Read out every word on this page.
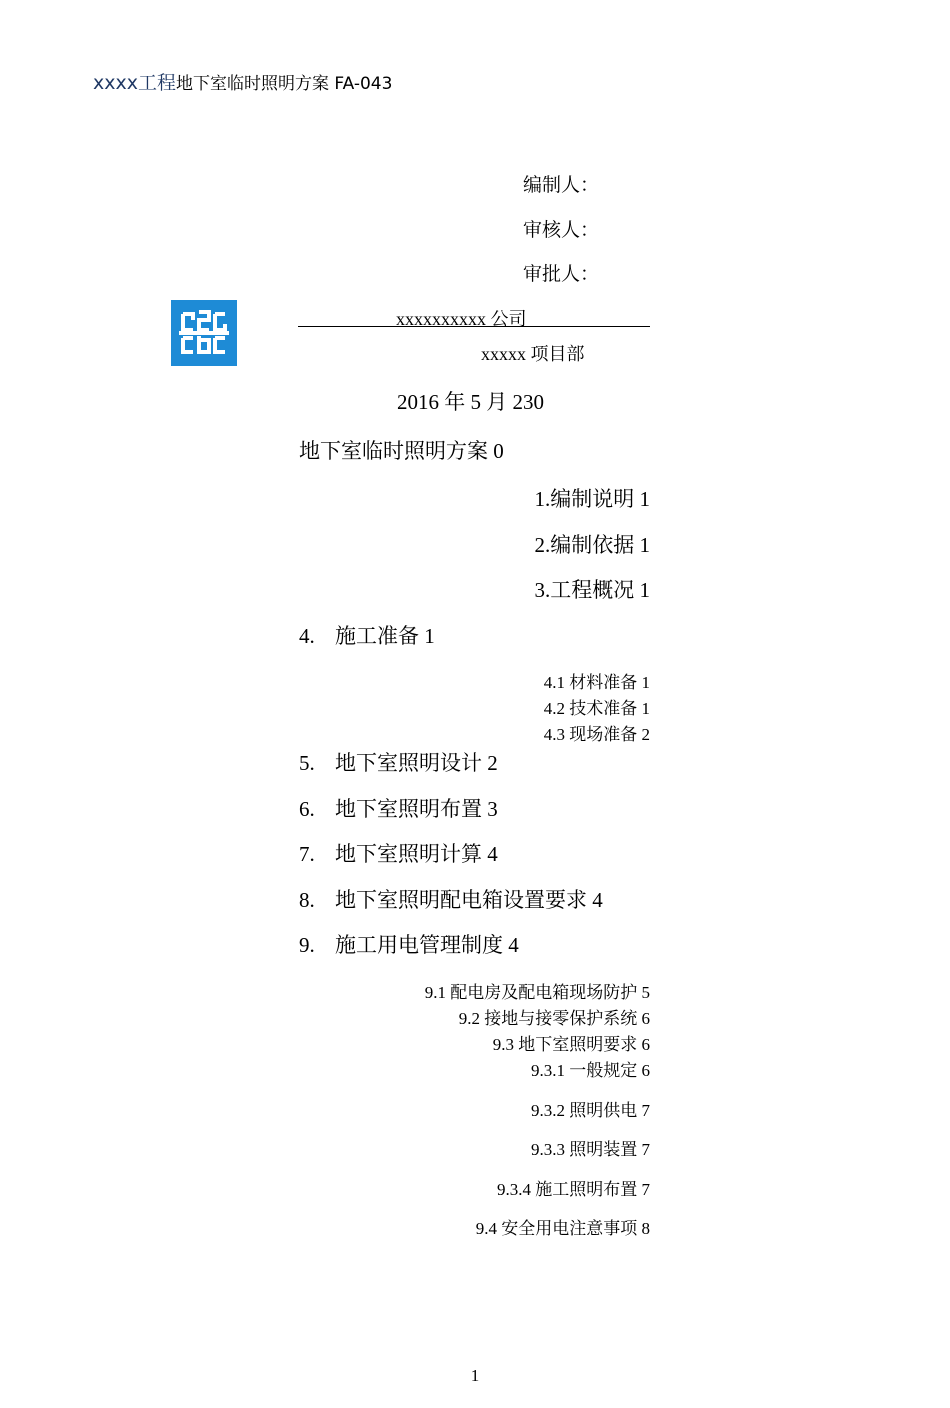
xxxx工程地下室临时照明方案 FA-043
编制人：
审核人：
审批人：
xxxxxxxxxx 公司
xxxxx 项目部
2016 年 5 月 230
地下室临时照明方案 0
1.编制说明 1
2.编制依据 1
3.工程概况 1
4. 施工准备 1
4.1 材料准备 1
4.2 技术准备 1
4.3 现场准备 2
5. 地下室照明设计 2
6. 地下室照明布置 3
7. 地下室照明计算 4
8. 地下室照明配电箱设置要求 4
9. 施工用电管理制度 4
9.1 配电房及配电箱现场防护 5
9.2 接地与接零保护系统 6
9.3 地下室照明要求 6
9.3.1 一般规定 6
9.3.2 照明供电 7
9.3.3 照明装置 7
9.3.4 施工照明布置 7
9.4 安全用电注意事项 8
1
